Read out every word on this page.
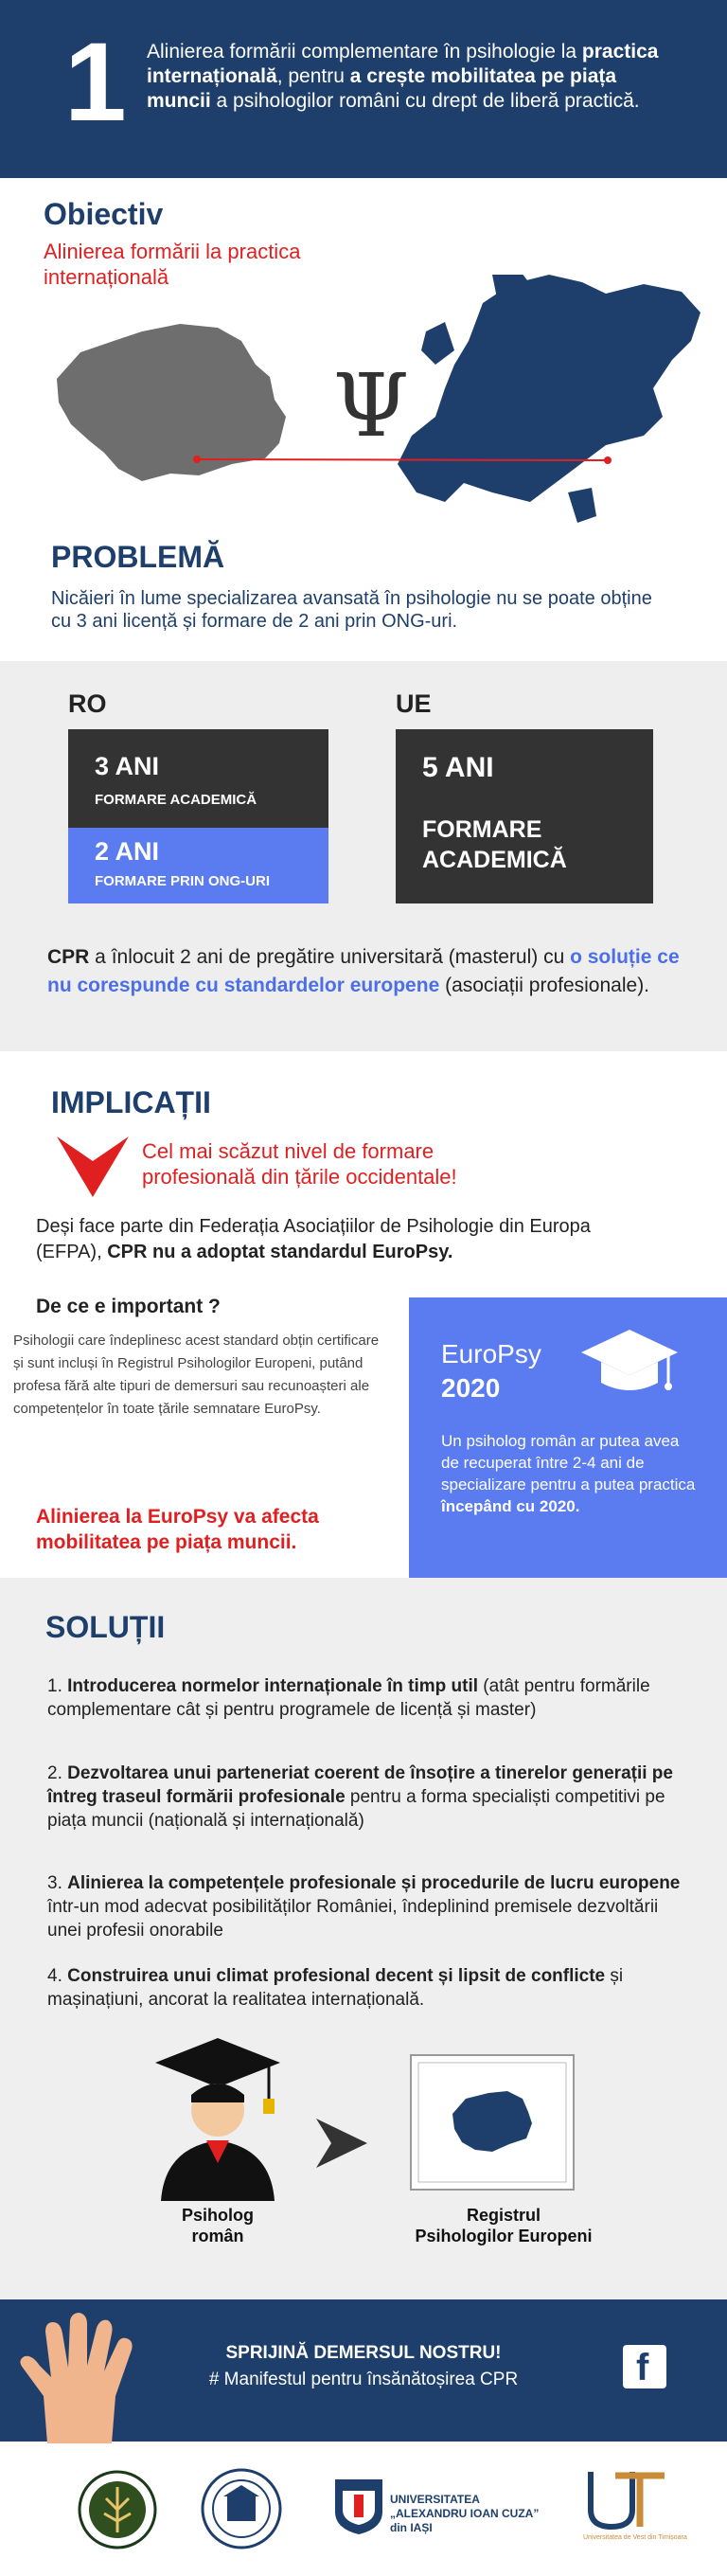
1 Alinierea formării complementare în psihologie la practica internațională, pentru a crește mobilitatea pe piața muncii a psihologilor români cu drept de liberă practică.
Obiectiv
Alinierea formării la practica internațională
Ψ
PROBLEMĂ
Nicăieri în lume specializarea avansată în psihologie nu se poate obține cu 3 ani licență și formare de 2 ani prin ONG-uri.
RO	UE
3 ANI
FORMARE ACADEMICĂ
2 ANI
FORMARE PRIN ONG-URI
5 ANI
FORMARE
ACADEMICĂ
CPR a înlocuit 2 ani de pregătire universitară (masterul) cu o soluție ce nu corespunde cu standardelor europene (asociații profesionale).
IMPLICAȚII
Cel mai scăzut nivel de formare profesională din țările occidentale!
Deși face parte din Federația Asociațiilor de Psihologie din Europa (EFPA), CPR nu a adoptat standardul EuroPsy.
De ce e important ?
Psihologii care îndeplinesc acest standard obțin certificare și sunt incluși în Registrul Psihologilor Europeni, putând profesa fără alte tipuri de demersuri sau recunoașteri ale competențelor în toate țările semnatare EuroPsy.
Alinierea la EuroPsy va afecta mobilitatea pe piața muncii.
EuroPsy
2020
Un psiholog român ar putea avea de recuperat între 2-4 ani de specializare pentru a putea practica începând cu 2020.
SOLUȚII
1. Introducerea normelor internaționale în timp util (atât pentru formările complementare cât și pentru programele de licență și master)
2. Dezvoltarea unui parteneriat coerent de însoțire a tinerelor generații pe întreg traseul formării profesionale pentru a forma specialiști competitivi pe piața muncii (națională și internațională)
3. Alinierea la competențele profesionale și procedurile de lucru europene într-un mod adecvat posibilităților României, îndeplinind premisele dezvoltării unei profesii onorabile
4. Construirea unui climat profesional decent și lipsit de conflicte și mașinațiuni, ancorat la realitatea internațională.
Psiholog
român
Registrul
Psihologilor Europeni
SPRIJINĂ DEMERSUL NOSTRU!
# Manifestul pentru însănătoșirea CPR	f
UNIVERSITATEA
„ALEXANDRU IOAN CUZA”
din IAȘI
Universitatea de Vest din Timișoara
